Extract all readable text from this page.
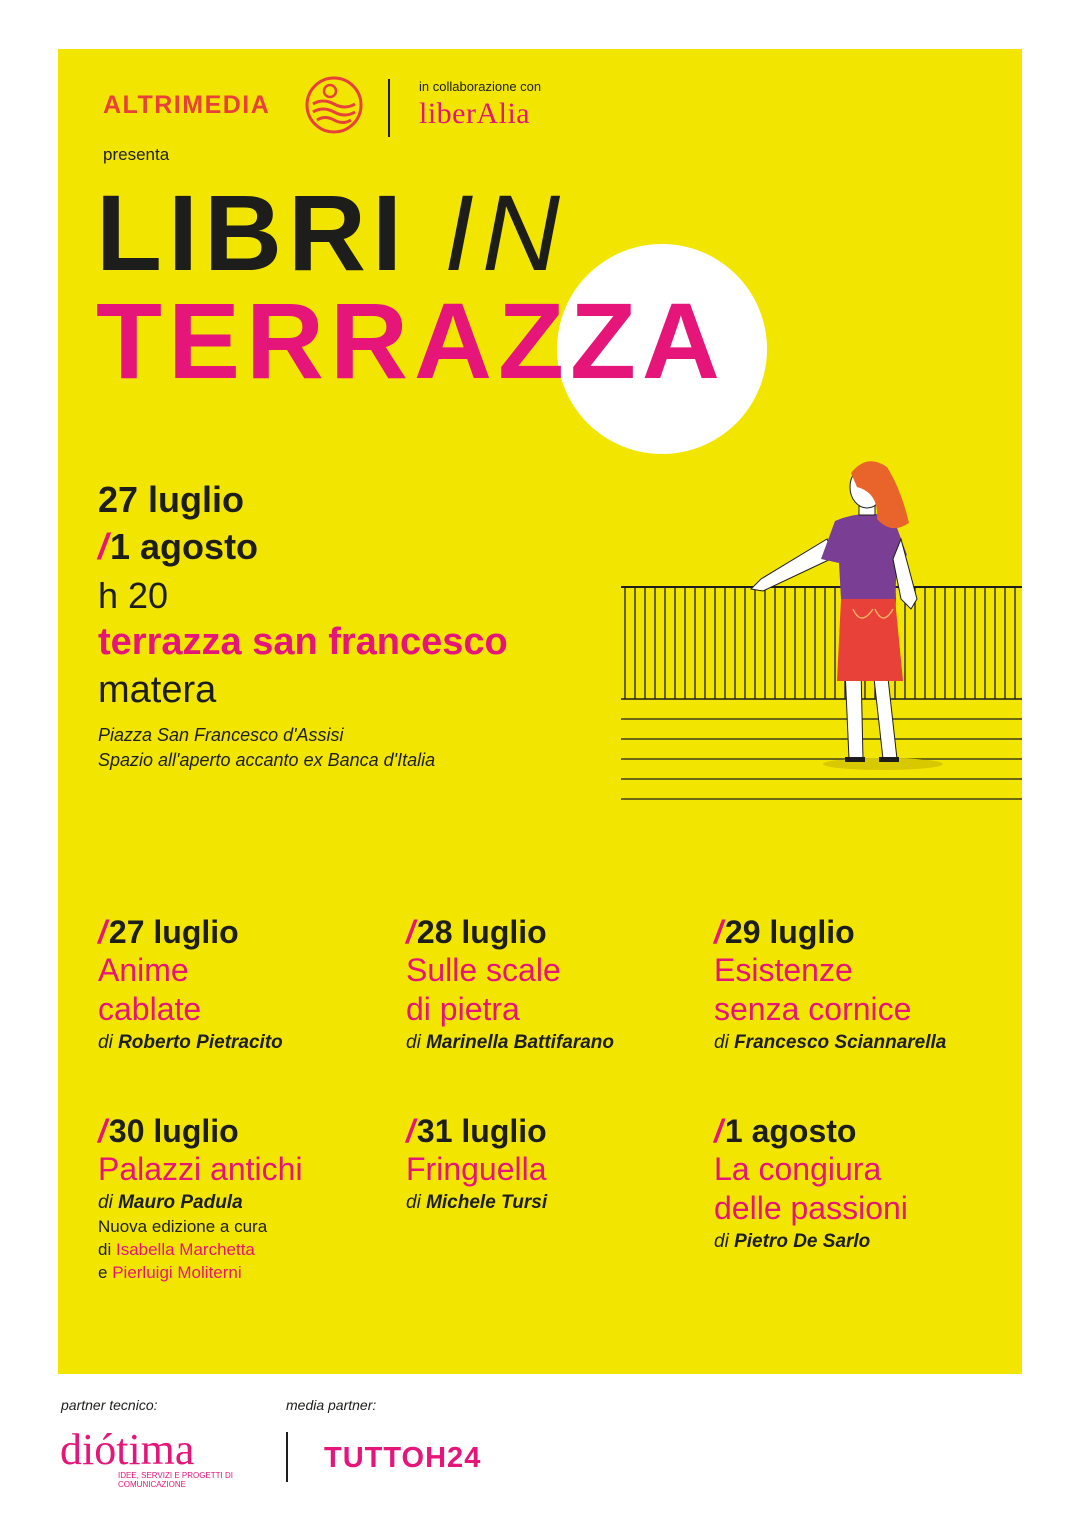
ALTRIMEDIA
in collaborazione con
liberAlia
presenta
LIBRI IN
TERRAZZA
27 luglio
/1 agosto
h 20
terrazza san francesco
matera
Piazza San Francesco d'Assisi
Spazio all'aperto accanto ex Banca d'Italia
/27 luglio
Anime
cablate
di Roberto Pietracito
/28 luglio
Sulle scale
di pietra
di Marinella Battifarano
/29 luglio
Esistenze
senza cornice
di Francesco Sciannarella
/30 luglio
Palazzi antichi
di Mauro Padula
Nuova edizione a cura
di Isabella Marchetta
e Pierluigi Moliterni
/31 luglio
Fringuella
di Michele Tursi
/1 agosto
La congiura
delle passioni
di Pietro De Sarlo
partner tecnico:	media partner:
diótima
IDEE, SERVIZI E PROGETTI DI COMUNICAZIONE
TUTTOH24
